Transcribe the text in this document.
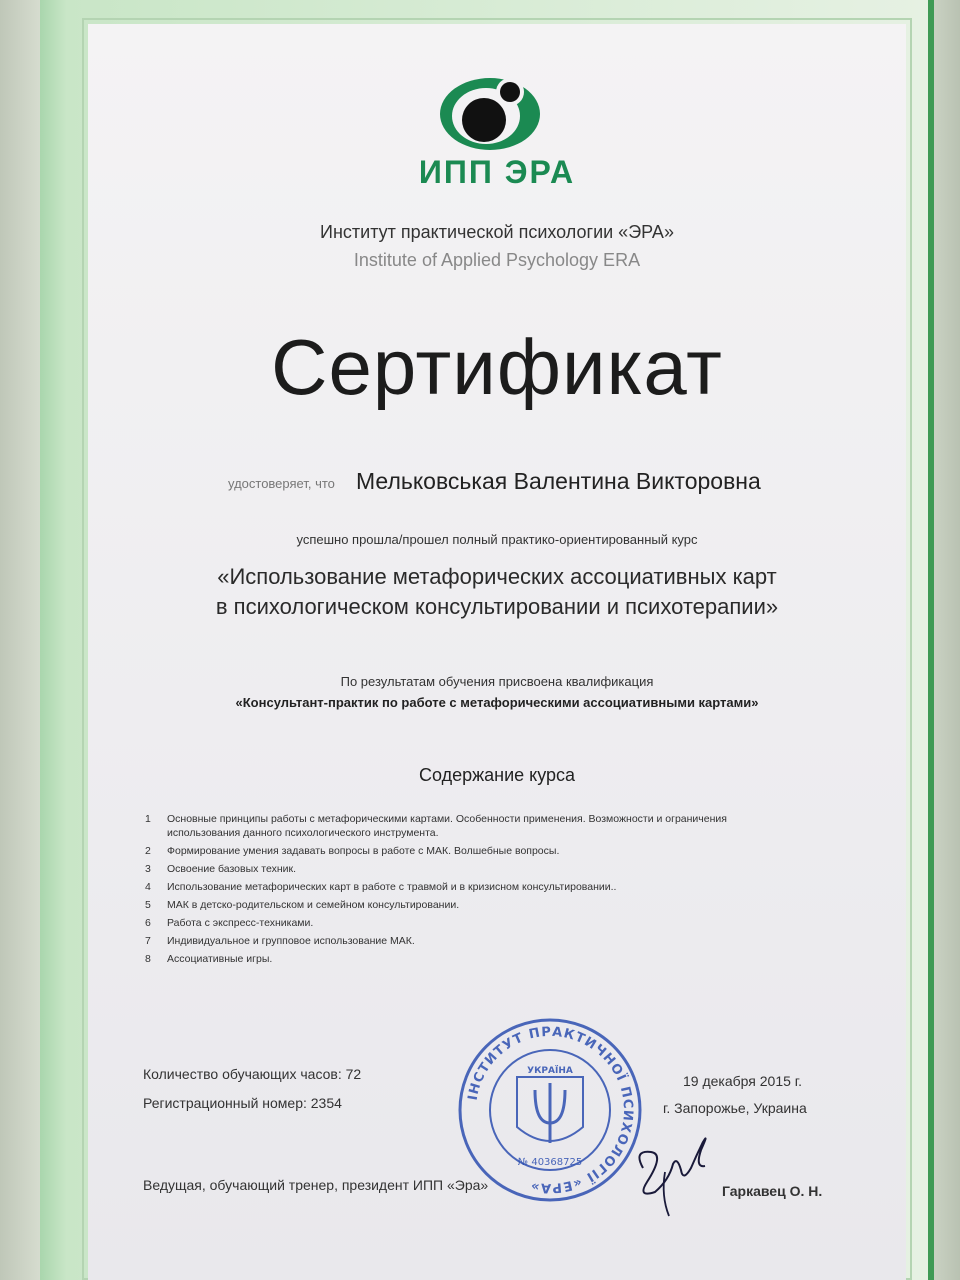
ИПП ЭРА
Институт практической психологии «ЭРА»
Institute of Applied Psychology ERA
Сертификат
удостоверяет, что Мельковськая Валентина Викторовна
успешно прошла/прошел полный практико-ориентированный курс
«Использование метафорических ассоциативных карт
в психологическом консультировании и психотерапии»
По результатам обучения присвоена квалификация
«Консультант-практик по работе с метафорическими ассоциативными картами»
Содержание курса
1	Основные принципы работы с метафорическими картами. Особенности применения. Возможности и ограничения использования данного психологического инструмента.
2	Формирование умения задавать вопросы в работе с МАК. Волшебные вопросы.
3	Освоение базовых техник.
4	Использование метафорических карт в работе с травмой и в кризисном консультировании..
5	МАК в детско-родительском и семейном консультировании.
6	Работа с экспресс-техниками.
7	Индивидуальное и групповое использование МАК.
8	Ассоциативные игры.
Количество обучающих часов: 72
Регистрационный номер: 2354
19 декабря 2015 г.
г. Запорожье, Украина
Ведущая, обучающий тренер, президент ИПП «Эра»	Гаркавец О. Н.
ІНСТИТУТ ПРАКТИЧНОЇ ПСИХОЛОГІЇ «ЕРА»
УКРАЇНА
№ 40368725
